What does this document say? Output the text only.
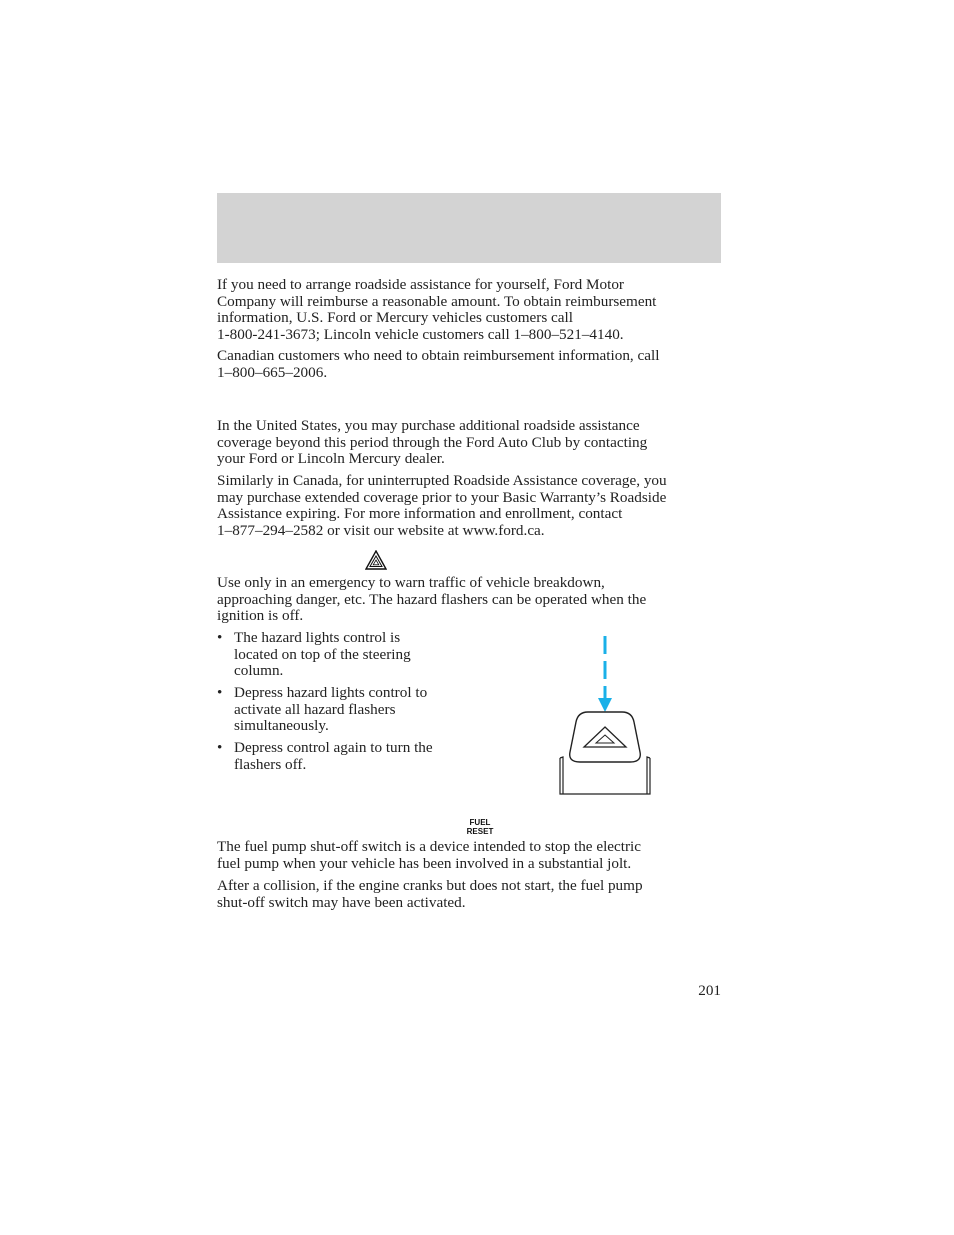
If you need to arrange roadside assistance for yourself, Ford Motor
Company will reimburse a reasonable amount. To obtain reimbursement
information, U.S. Ford or Mercury vehicles customers call
1-800-241-3673; Lincoln vehicle customers call 1–800–521–4140.

Canadian customers who need to obtain reimbursement information, call
1–800–665–2006.

In the United States, you may purchase additional roadside assistance
coverage beyond this period through the Ford Auto Club by contacting
your Ford or Lincoln Mercury dealer.

Similarly in Canada, for uninterrupted Roadside Assistance coverage, you
may purchase extended coverage prior to your Basic Warranty’s Roadside
Assistance expiring. For more information and enrollment, contact
1–877–294–2582 or visit our website at www.ford.ca.

Use only in an emergency to warn traffic of vehicle breakdown,
approaching danger, etc. The hazard flashers can be operated when the
ignition is off.

• The hazard lights control is
located on top of the steering
column.
• Depress hazard lights control to
activate all hazard flashers
simultaneously.
• Depress control again to turn the
flashers off.
FUEL
RESET

The fuel pump shut-off switch is a device intended to stop the electric
fuel pump when your vehicle has been involved in a substantial jolt.

After a collision, if the engine cranks but does not start, the fuel pump
shut-off switch may have been activated.

201
